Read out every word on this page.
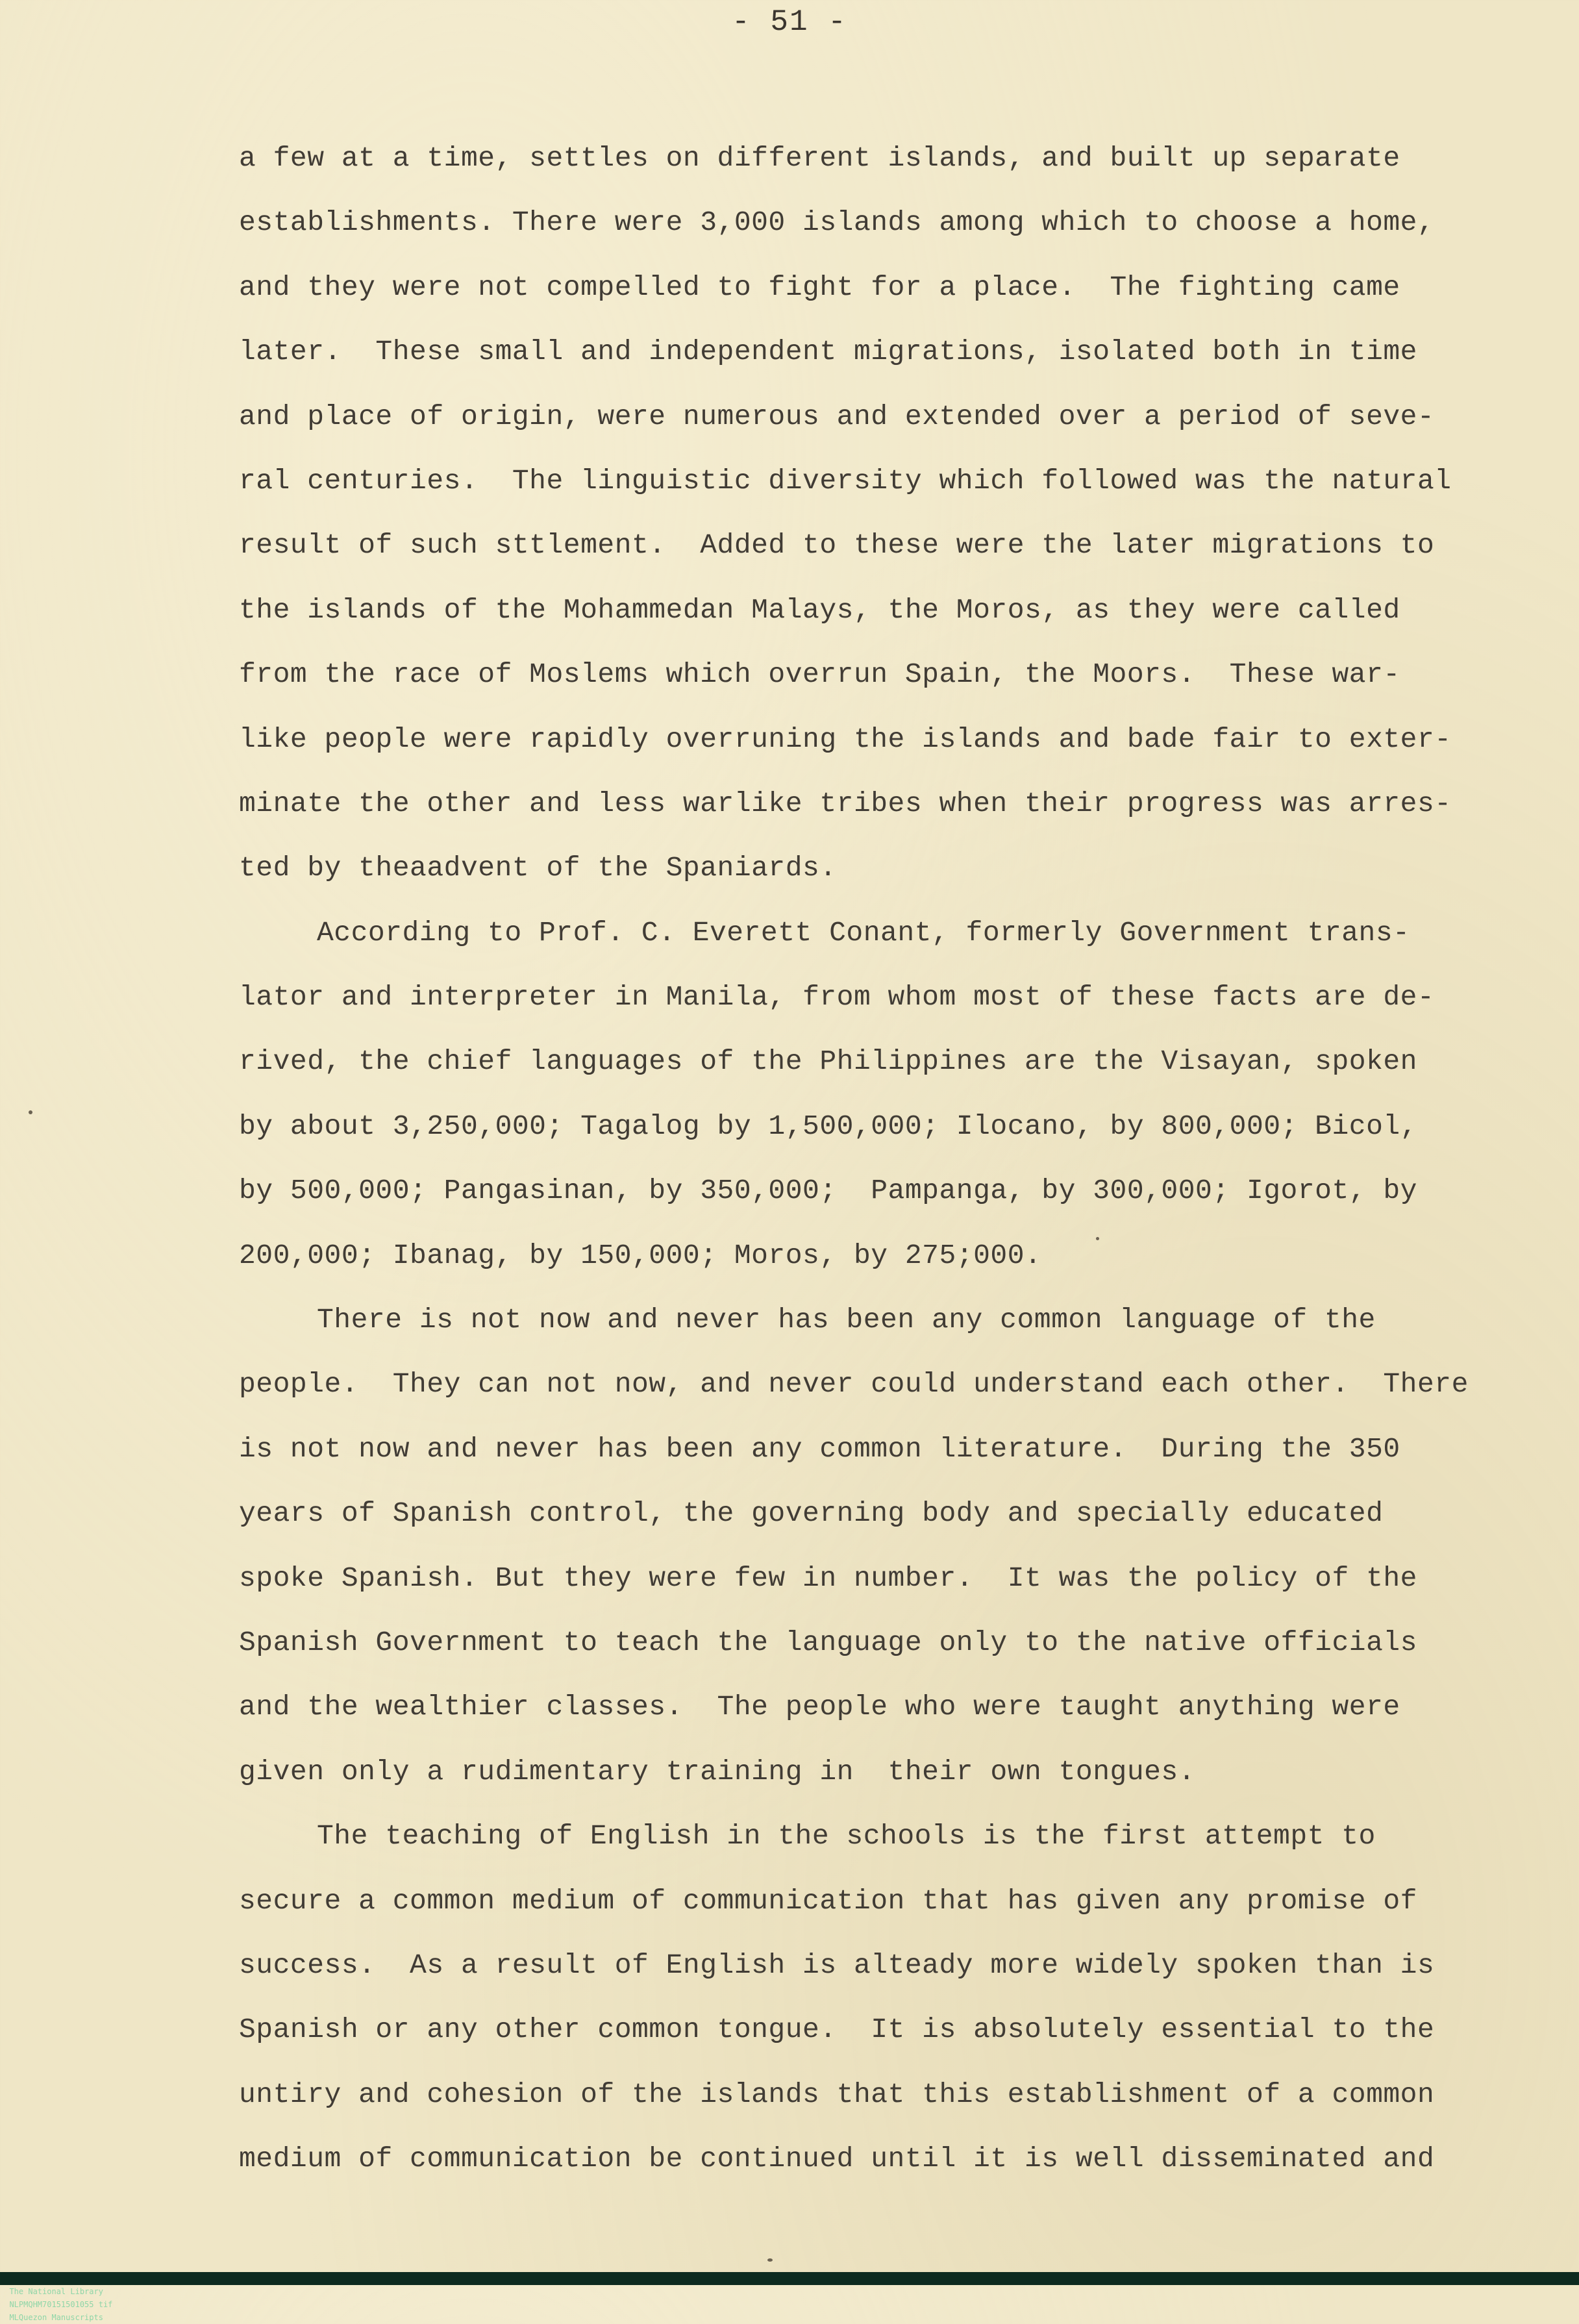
- 51 -
a few at a time, settles on different islands, and built up separate
establishments. There were 3,000 islands among which to choose a home,
and they were not compelled to fight for a place.  The fighting came
later.  These small and independent migrations, isolated both in time
and place of origin, were numerous and extended over a period of seve-
ral centuries.  The linguistic diversity which followed was the natural
result of such sttlement.  Added to these were the later migrations to
the islands of the Mohammedan Malays, the Moros, as they were called
from the race of Moslems which overrun Spain, the Moors.  These war-
like people were rapidly overruning the islands and bade fair to exter-
minate the other and less warlike tribes when their progress was arres-
ted by theaadvent of the Spaniards.
According to Prof. C. Everett Conant, formerly Government trans-
lator and interpreter in Manila, from whom most of these facts are de-
rived, the chief languages of the Philippines are the Visayan, spoken
by about 3,250,000; Tagalog by 1,500,000; Ilocano, by 800,000; Bicol,
by 500,000; Pangasinan, by 350,000;  Pampanga, by 300,000; Igorot, by
200,000; Ibanag, by 150,000; Moros, by 275;000.
There is not now and never has been any common language of the
people.  They can not now, and never could understand each other.  There
is not now and never has been any common literature.  During the 350
years of Spanish control, the governing body and specially educated
spoke Spanish. But they were few in number.  It was the policy of the
Spanish Government to teach the language only to the native officials
and the wealthier classes.  The people who were taught anything were
given only a rudimentary training in  their own tongues.
The teaching of English in the schools is the first attempt to
secure a common medium of communication that has given any promise of
success.  As a result of English is alteady more widely spoken than is
Spanish or any other common tongue.  It is absolutely essential to the
untiry and cohesion of the islands that this establishment of a common
medium of communication be continued until it is well disseminated and

The National Library
NLPMQHM70151501055 tif
MLQuezon Manuscripts
